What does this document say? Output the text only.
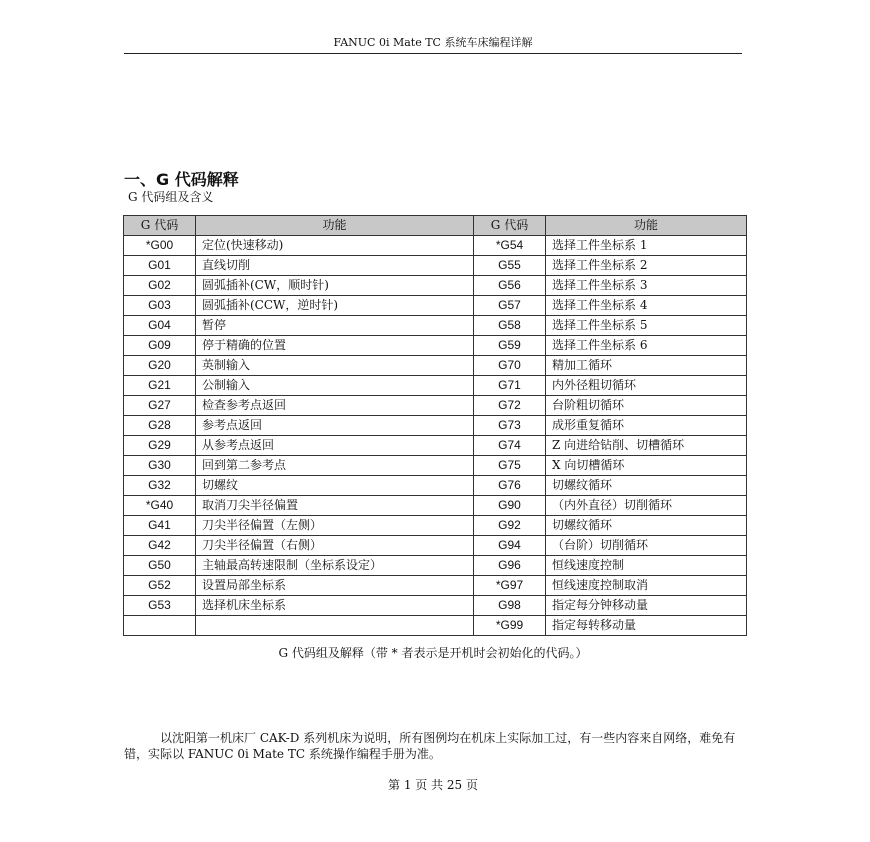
FANUC 0i Mate TC 系统车床编程详解
一、G 代码解释
G 代码组及含义
G 代码	功能	G 代码	功能
*G00	定位(快速移动)	*G54	选择工件坐标系 1
G01	直线切削	G55	选择工件坐标系 2
G02	圆弧插补(CW，顺时针)	G56	选择工件坐标系 3
G03	圆弧插补(CCW，逆时针)	G57	选择工件坐标系 4
G04	暂停	G58	选择工件坐标系 5
G09	停于精确的位置	G59	选择工件坐标系 6
G20	英制输入	G70	精加工循环
G21	公制输入	G71	内外径粗切循环
G27	检查参考点返回	G72	台阶粗切循环
G28	参考点返回	G73	成形重复循环
G29	从参考点返回	G74	Z 向进给钻削、切槽循环
G30	回到第二参考点	G75	X 向切槽循环
G32	切螺纹	G76	切螺纹循环
*G40	取消刀尖半径偏置	G90	（内外直径）切削循环
G41	刀尖半径偏置（左侧）	G92	切螺纹循环
G42	刀尖半径偏置（右侧）	G94	（台阶）切削循环
G50	主轴最高转速限制（坐标系设定）	G96	恒线速度控制
G52	设置局部坐标系	*G97	恒线速度控制取消
G53	选择机床坐标系	G98	指定每分钟移动量
		*G99	指定每转移动量
G 代码组及解释（带 * 者表示是开机时会初始化的代码。）
以沈阳第一机床厂 CAK-D 系列机床为说明，所有图例均在机床上实际加工过，有一些内容来自网络，难免有错，实际以 FANUC 0i Mate TC 系统操作编程手册为准。
第 1 页 共 25 页
